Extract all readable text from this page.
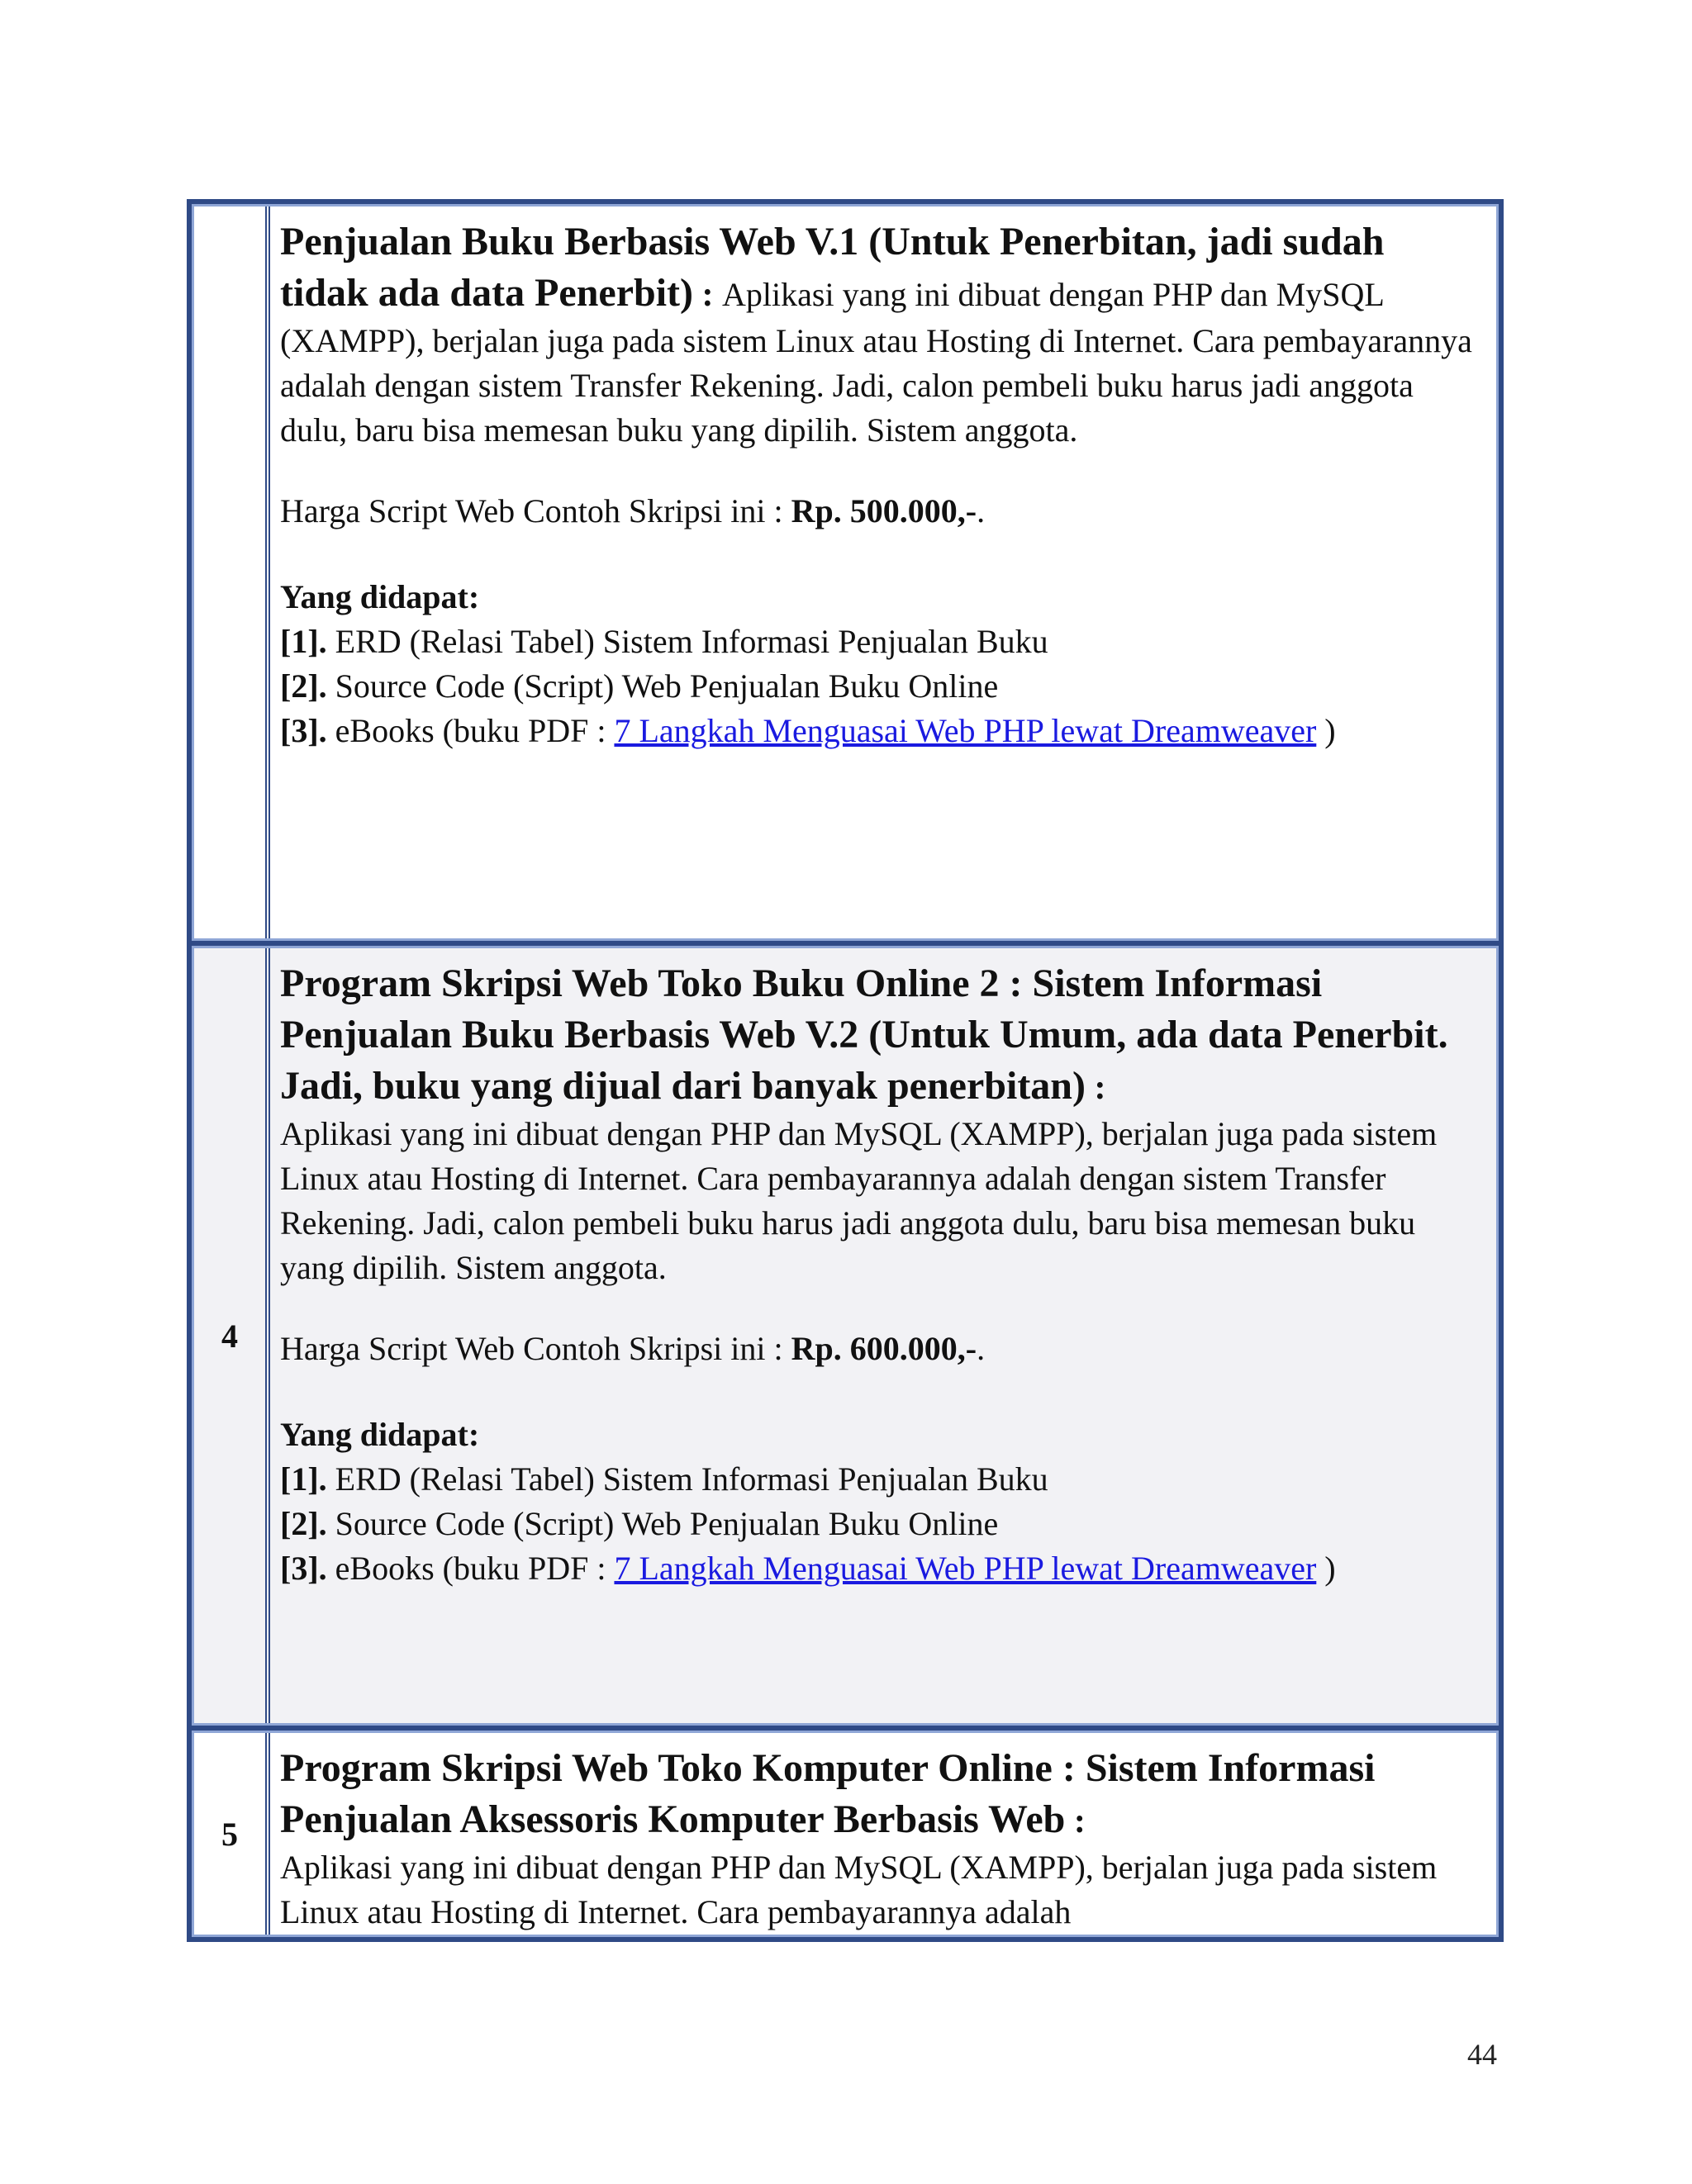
Penjualan Buku Berbasis Web V.1 (Untuk Penerbitan, jadi sudah tidak ada data Penerbit) : Aplikasi yang ini dibuat dengan PHP dan MySQL (XAMPP), berjalan juga pada sistem Linux atau Hosting di Internet. Cara pembayarannya adalah dengan sistem Transfer Rekening. Jadi, calon pembeli buku harus jadi anggota dulu, baru bisa memesan buku yang dipilih. Sistem anggota.

Harga Script Web Contoh Skripsi ini : Rp. 500.000,-.

Yang didapat:
[1]. ERD (Relasi Tabel) Sistem Informasi Penjualan Buku
[2]. Source Code (Script) Web Penjualan Buku Online
[3]. eBooks (buku PDF : 7 Langkah Menguasai Web PHP lewat Dreamweaver )

4

Program Skripsi Web Toko Buku Online 2 : Sistem Informasi Penjualan Buku Berbasis Web V.2 (Untuk Umum, ada data Penerbit. Jadi, buku yang dijual dari banyak penerbitan) :
Aplikasi yang ini dibuat dengan PHP dan MySQL (XAMPP), berjalan juga pada sistem Linux atau Hosting di Internet. Cara pembayarannya adalah dengan sistem Transfer Rekening. Jadi, calon pembeli buku harus jadi anggota dulu, baru bisa memesan buku yang dipilih. Sistem anggota.

Harga Script Web Contoh Skripsi ini : Rp. 600.000,-.

Yang didapat:
[1]. ERD (Relasi Tabel) Sistem Informasi Penjualan Buku
[2]. Source Code (Script) Web Penjualan Buku Online
[3]. eBooks (buku PDF : 7 Langkah Menguasai Web PHP lewat Dreamweaver )

5

Program Skripsi Web Toko Komputer Online : Sistem Informasi Penjualan Aksessoris Komputer Berbasis Web :
Aplikasi yang ini dibuat dengan PHP dan MySQL (XAMPP), berjalan juga pada sistem Linux atau Hosting di Internet. Cara pembayarannya adalah

44
